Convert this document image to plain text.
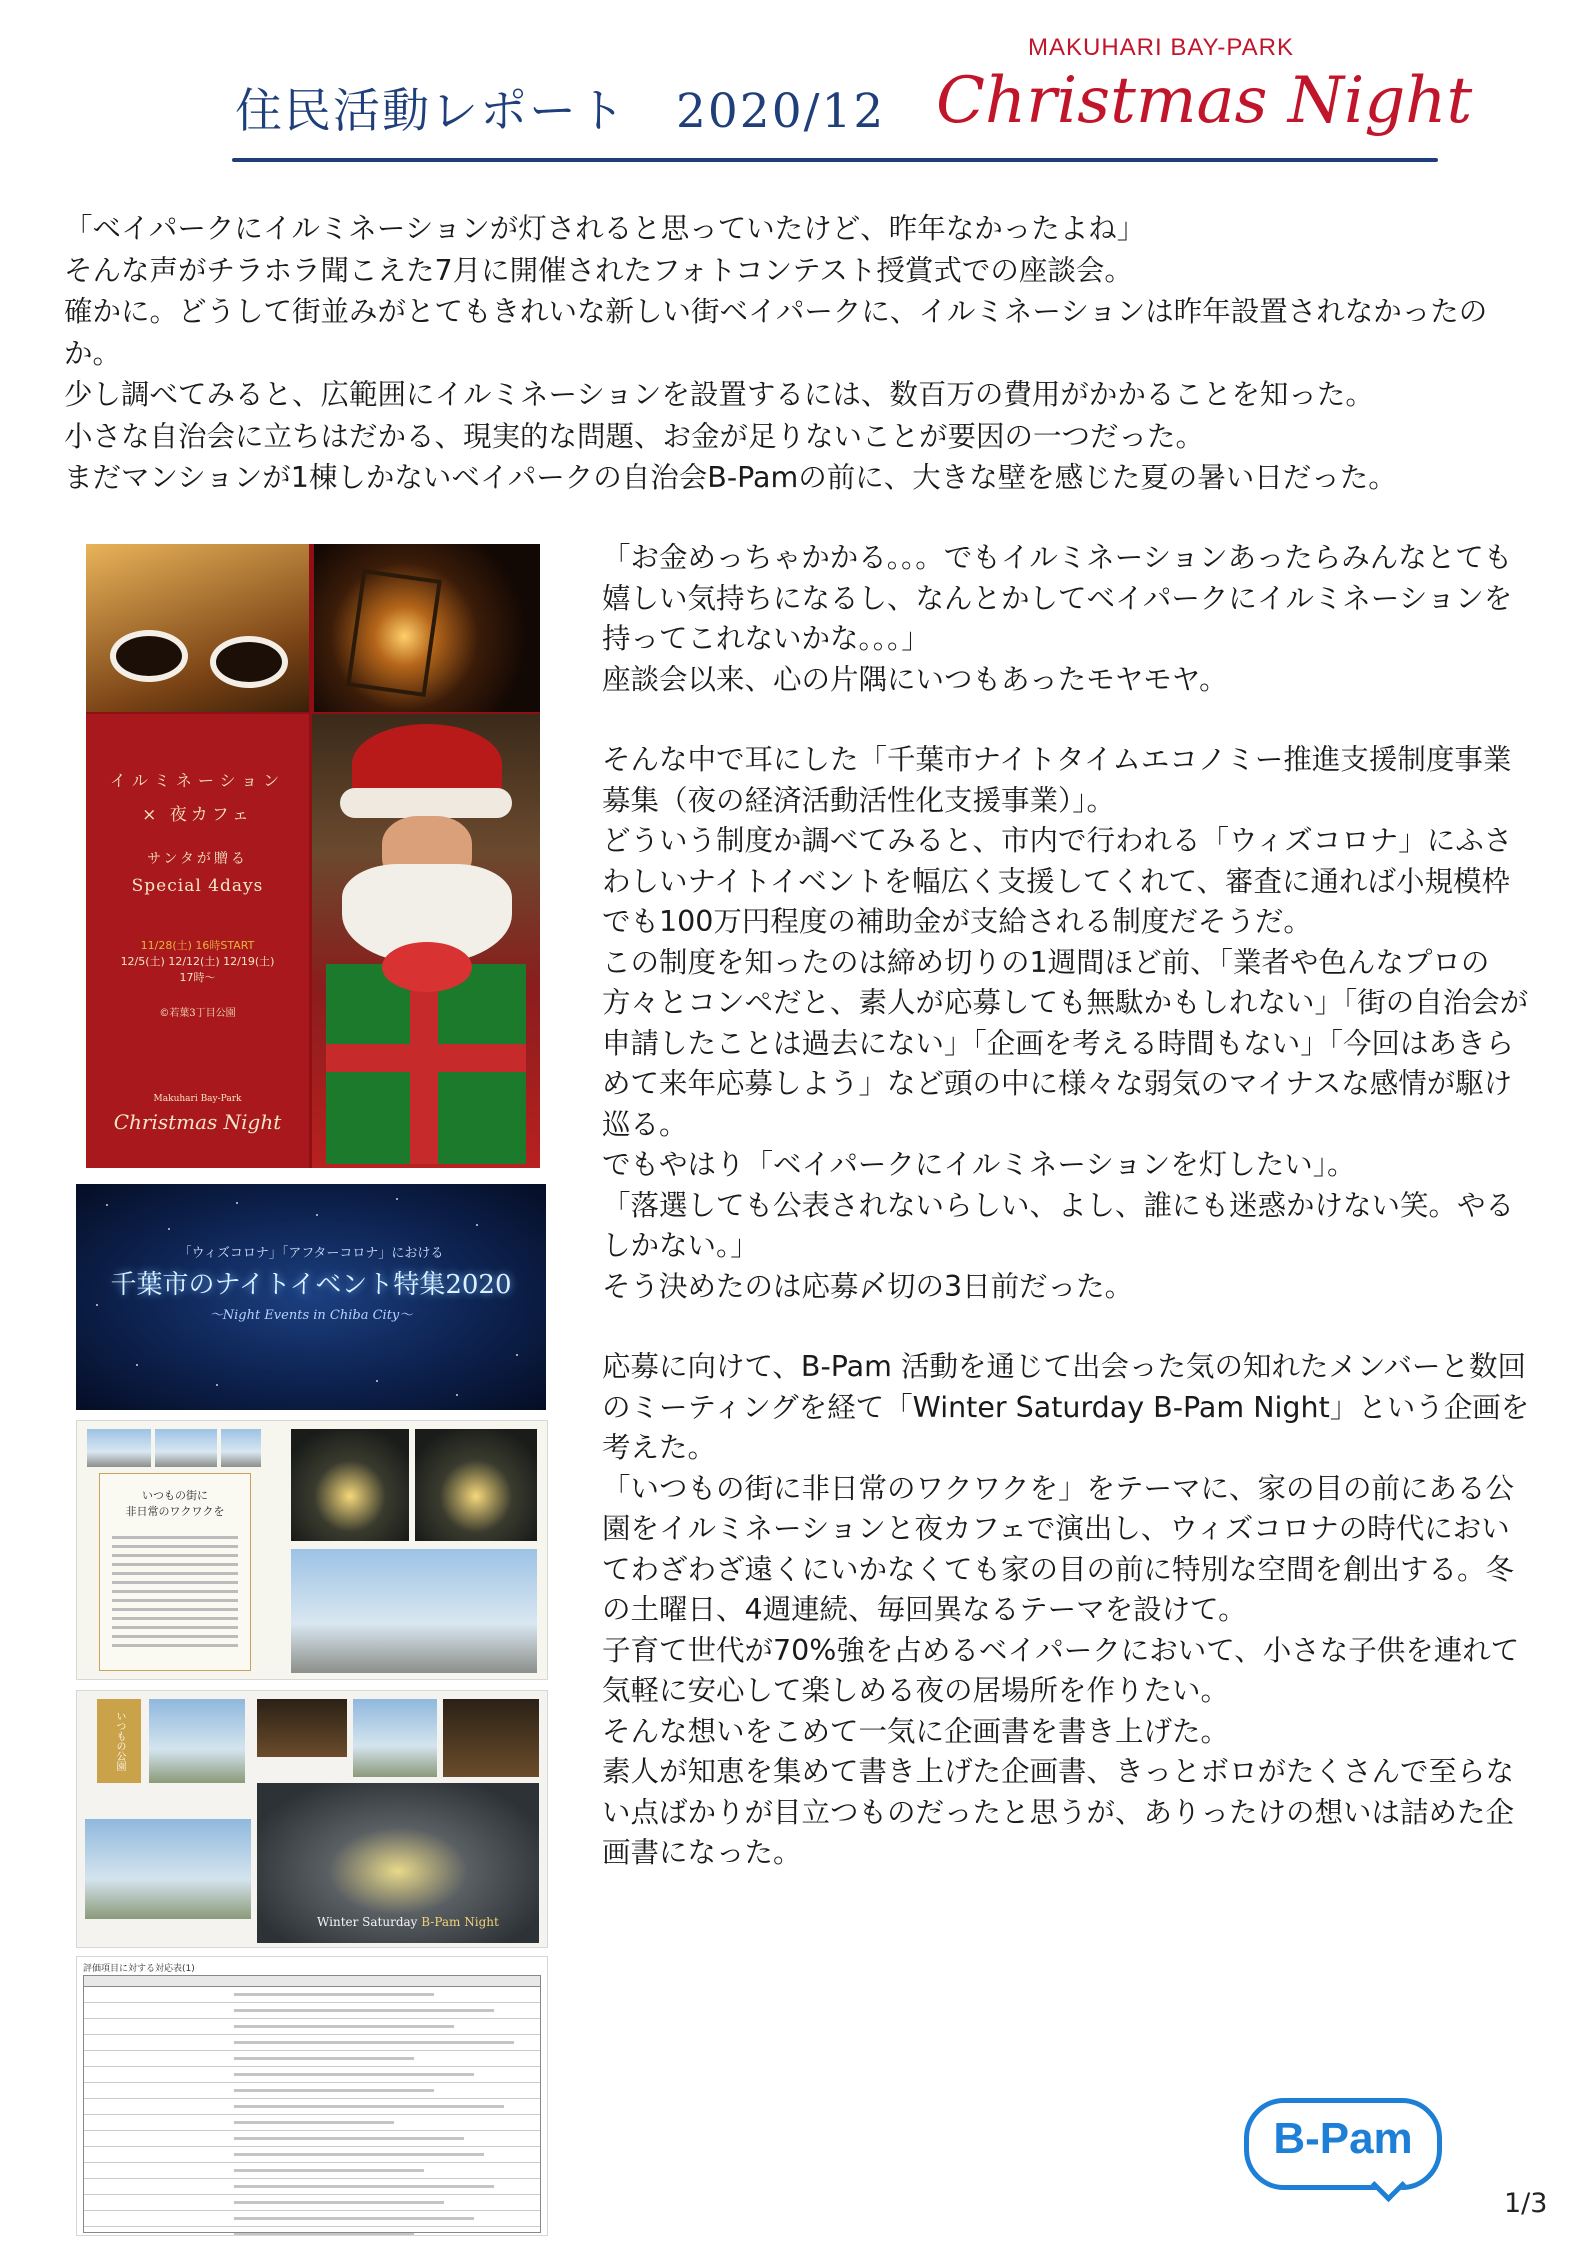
住民活動レポート　2020/12
MAKUHARI BAY-PARK
Christmas Night

「ベイパークにイルミネーションが灯されると思っていたけど、昨年なかったよね」

そんな声がチラホラ聞こえた7月に開催されたフォトコンテスト授賞式での座談会。

確かに。どうして街並みがとてもきれいな新しい街ベイパークに、イルミネーションは昨年設置されなかったのか。

少し調べてみると、広範囲にイルミネーションを設置するには、数百万の費用がかかることを知った。

小さな自治会に立ちはだかる、現実的な問題、お金が足りないことが要因の一つだった。

まだマンションが1棟しかないベイパークの自治会B-Pamの前に、大きな壁を感じた夏の暑い日だった。

「お金めっちゃかかる。。。でもイルミネーションあったらみんなとても嬉しい気持ちになるし、なんとかしてベイパークにイルミネーションを持ってこれないかな。。。」

座談会以来、心の片隅にいつもあったモヤモヤ。

そんな中で耳にした「千葉市ナイトタイムエコノミー推進支援制度事業募集（夜の経済活動活性化支援事業）」。

どういう制度か調べてみると、市内で行われる「ウィズコロナ」にふさわしいナイトイベントを幅広く支援してくれて、審査に通れば小規模枠でも100万円程度の補助金が支給される制度だそうだ。

この制度を知ったのは締め切りの1週間ほど前、「業者や色んなプロの方々とコンペだと、素人が応募しても無駄かもしれない」「街の自治会が申請したことは過去にない」「企画を考える時間もない」「今回はあきらめて来年応募しよう」など頭の中に様々な弱気のマイナスな感情が駆け巡る。

でもやはり「ベイパークにイルミネーションを灯したい」。

「落選しても公表されないらしい、よし、誰にも迷惑かけない笑。やるしかない。」

そう決めたのは応募〆切の3日前だった。

応募に向けて、B-Pam 活動を通じて出会った気の知れたメンバーと数回のミーティングを経て「Winter Saturday B-Pam Night」という企画を考えた。

「いつもの街に非日常のワクワクを」をテーマに、家の目の前にある公園をイルミネーションと夜カフェで演出し、ウィズコロナの時代においてわざわざ遠くにいかなくても家の目の前に特別な空間を創出する。冬の土曜日、4週連続、毎回異なるテーマを設けて。

子育て世代が70%強を占めるベイパークにおいて、小さな子供を連れて気軽に安心して楽しめる夜の居場所を作りたい。

そんな想いをこめて一気に企画書を書き上げた。

素人が知恵を集めて書き上げた企画書、きっとボロがたくさんで至らない点ばかりが目立つものだったと思うが、ありったけの想いは詰めた企画書になった。

イルミネーション
× 夜カフェ
サンタが贈る
Special 4days
11/28(土) 16時START
12/5(土) 12/12(土) 12/19(土)
17時～
©若葉3丁目公園
Makuhari Bay-Park
Christmas Night
「ウィズコロナ」「アフターコロナ」における
千葉市のナイトイベント特集2020
～Night Events in Chiba City～
いつもの街に
非日常のワクワクを
いつもの公園
Winter Saturday B-Pam Night
評価項目に対する対応表(1)
B-Pam
1/3
